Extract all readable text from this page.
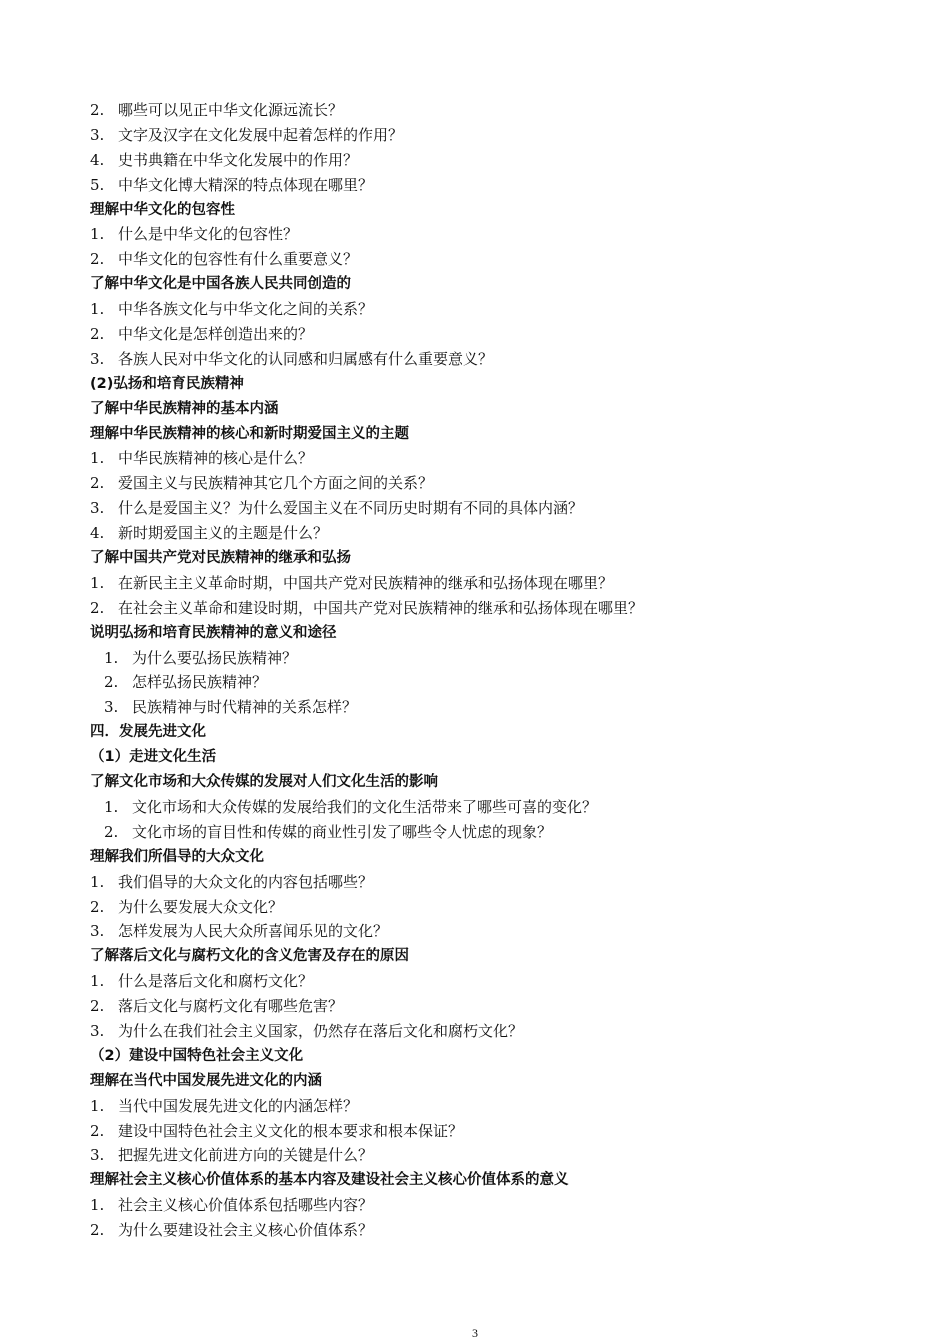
2. 哪些可以见正中华文化源远流长？
3. 文字及汉字在文化发展中起着怎样的作用？
4. 史书典籍在中华文化发展中的作用？
5. 中华文化博大精深的特点体现在哪里？
理解中华文化的包容性
1. 什么是中华文化的包容性？
2. 中华文化的包容性有什么重要意义？
了解中华文化是中国各族人民共同创造的
1. 中华各族文化与中华文化之间的关系？
2. 中华文化是怎样创造出来的？
3. 各族人民对中华文化的认同感和归属感有什么重要意义？
(2)弘扬和培育民族精神
了解中华民族精神的基本内涵
理解中华民族精神的核心和新时期爱国主义的主题
1. 中华民族精神的核心是什么？
2. 爱国主义与民族精神其它几个方面之间的关系？
3. 什么是爱国主义？为什么爱国主义在不同历史时期有不同的具体内涵？
4. 新时期爱国主义的主题是什么？
了解中国共产党对民族精神的继承和弘扬
1. 在新民主主义革命时期，中国共产党对民族精神的继承和弘扬体现在哪里？
2. 在社会主义革命和建设时期，中国共产党对民族精神的继承和弘扬体现在哪里？
说明弘扬和培育民族精神的意义和途径
1. 为什么要弘扬民族精神？
2. 怎样弘扬民族精神？
3. 民族精神与时代精神的关系怎样？
四．发展先进文化
（1）走进文化生活
了解文化市场和大众传媒的发展对人们文化生活的影响
1. 文化市场和大众传媒的发展给我们的文化生活带来了哪些可喜的变化？
2. 文化市场的盲目性和传媒的商业性引发了哪些令人忧虑的现象？
理解我们所倡导的大众文化
1. 我们倡导的大众文化的内容包括哪些？
2. 为什么要发展大众文化？
3. 怎样发展为人民大众所喜闻乐见的文化？
了解落后文化与腐朽文化的含义危害及存在的原因
1. 什么是落后文化和腐朽文化？
2. 落后文化与腐朽文化有哪些危害？
3. 为什么在我们社会主义国家，仍然存在落后文化和腐朽文化？
（2）建设中国特色社会主义文化
理解在当代中国发展先进文化的内涵
1. 当代中国发展先进文化的内涵怎样？
2. 建设中国特色社会主义文化的根本要求和根本保证？
3. 把握先进文化前进方向的关键是什么？
理解社会主义核心价值体系的基本内容及建设社会主义核心价值体系的意义
1. 社会主义核心价值体系包括哪些内容？
2. 为什么要建设社会主义核心价值体系？
3
